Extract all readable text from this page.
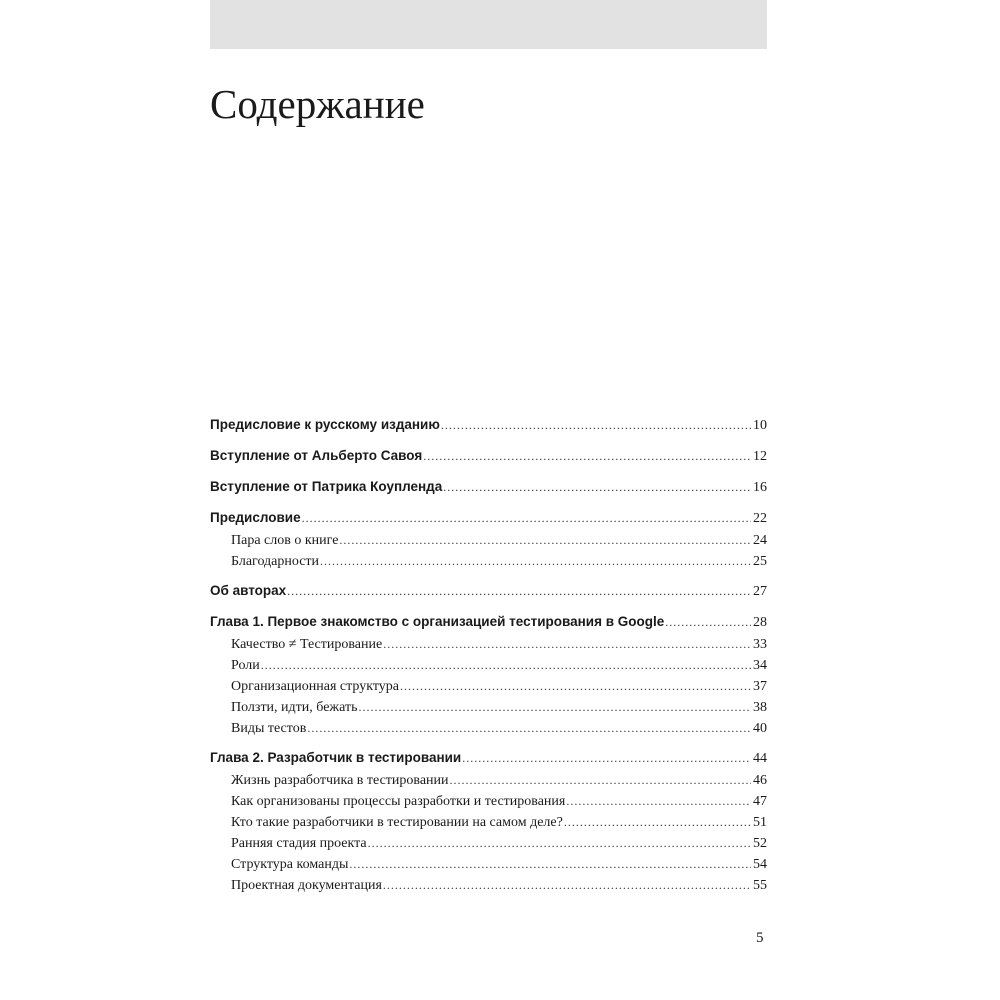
Содержание
Предисловие к русскому изданию .....	10
Вступление от Альберто Савоя .....	12
Вступление от Патрика Коупленда .....	16
Предисловие .....	22
Пара слов о книге .....	24
Благодарности .....	25
Об авторах .....	27
Глава 1. Первое знакомство с организацией тестирования в Google .....	28
Качество ≠ Тестирование .....	33
Роли .....	34
Организационная структура .....	37
Ползти, идти, бежать .....	38
Виды тестов .....	40
Глава 2. Разработчик в тестировании .....	44
Жизнь разработчика в тестировании .....	46
Как организованы процессы разработки и тестирования .....	47
Кто такие разработчики в тестировании на самом деле? .....	51
Ранняя стадия проекта .....	52
Структура команды .....	54
Проектная документация .....	55
5
